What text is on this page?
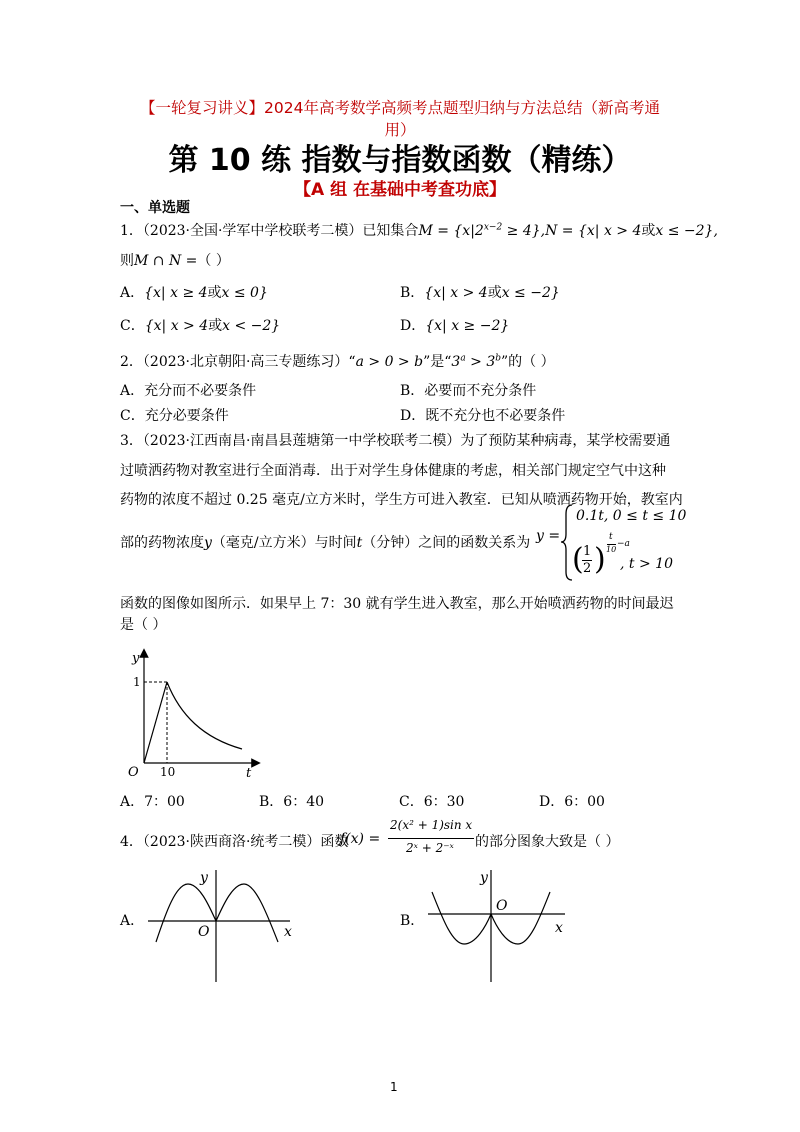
【一轮复习讲义】2024年高考数学高频考点题型归纳与方法总结（新高考通
用）
第 10 练 指数与指数函数（精练）
【A 组 在基础中考查功底】
一、单选题
1．（2023·全国·学军中学校联考二模）已知集合$M = \{x|2^{x-2} \ge 4\},N = \{x|$ x > 4或x ≤ −2},
则M ∩ N =（ ）
A．{x| x ≥ 4或x ≤ 0}	B．{x| x > 4或x ≤ −2}
C．{x| x > 4或x < −2}	D．{x| x ≥ −2}
2．（2023·北京朝阳·高三专题练习）“a > 0 > b”是“$3^a > 3^b$”的（ ）
A．充分而不必要条件	B．必要而不充分条件
C．充分必要条件	D．既不充分也不必要条件
3．（2023·江西南昌·南昌县莲塘第一中学校联考二模）为了预防某种病毒，某学校需要通
过喷洒药物对教室进行全面消毒．出于对学生身体健康的考虑，相关部门规定空气中这种
药物的浓度不超过 0.25 毫克/立方米时，学生方可进入教室．已知从喷洒药物开始，教室内
部的药物浓度y（毫克/立方米）与时间t（分钟）之间的函数关系为 y =
0.1t, 0 ≤ t ≤ 10
( 1
2 )
t
10
−a
, t > 10
函数的图像如图所示．如果早上 7：30 就有学生进入教室，那么开始喷洒药物的时间最迟
是（ ）
y
t
O
1
10
A．7：00	B．6：40	C．6：30	D．6：00
4．（2023·陕西商洛·统考二模）函数
f(x) =
2(x² + 1)sin x
2ˣ + 2⁻ˣ 的部分图象大致是（ ）
A．
y
O	x
B．
y
O
x
1
